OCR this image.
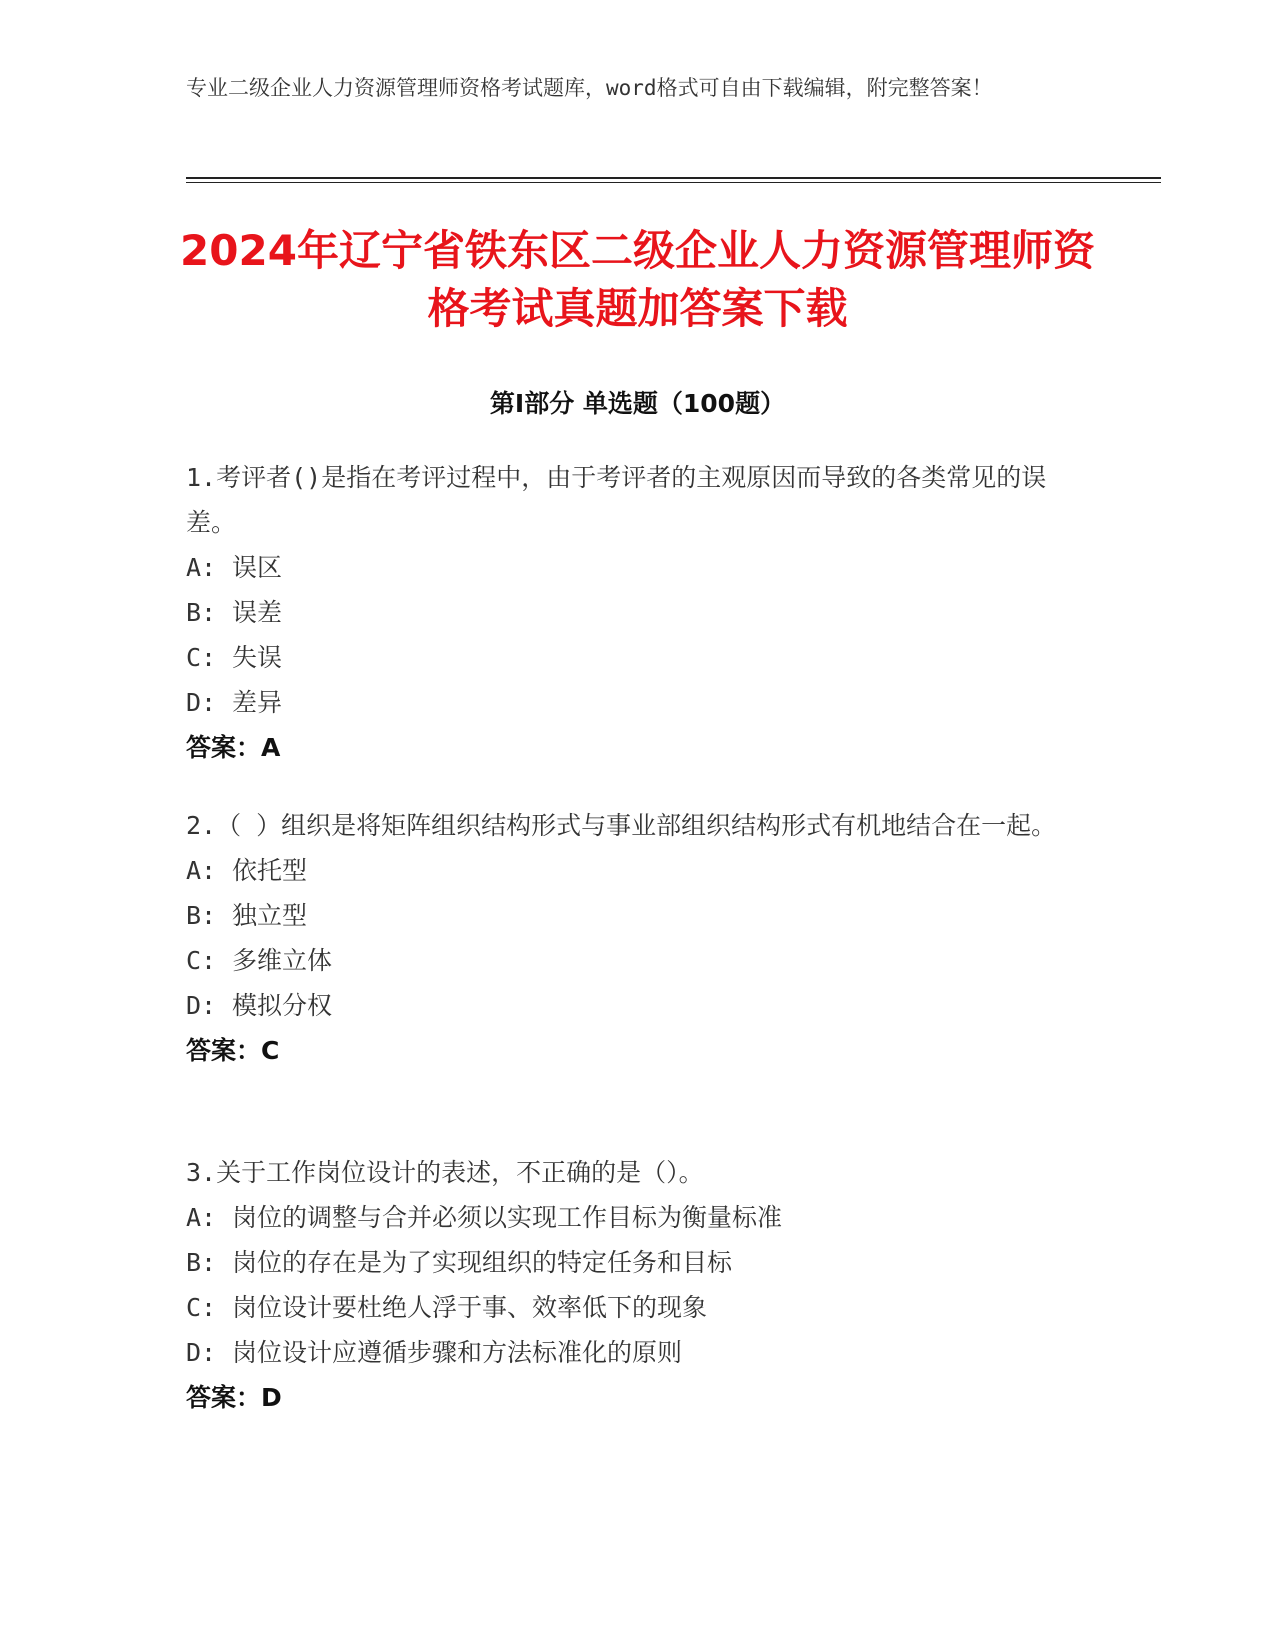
专业二级企业人力资源管理师资格考试题库，word格式可自由下载编辑，附完整答案！
2024年辽宁省铁东区二级企业人力资源管理师资格考试真题加答案下载
第Ⅰ部分 单选题（100题）
1.考评者()是指在考评过程中，由于考评者的主观原因而导致的各类常见的误差。
A: 误区
B: 误差
C: 失误
D: 差异
答案：A
2.（ ）组织是将矩阵组织结构形式与事业部组织结构形式有机地结合在一起。
A: 依托型
B: 独立型
C: 多维立体
D: 模拟分权
答案：C
3.关于工作岗位设计的表述，不正确的是（）。
A: 岗位的调整与合并必须以实现工作目标为衡量标准
B: 岗位的存在是为了实现组织的特定任务和目标
C: 岗位设计要杜绝人浮于事、效率低下的现象
D: 岗位设计应遵循步骤和方法标准化的原则
答案：D
